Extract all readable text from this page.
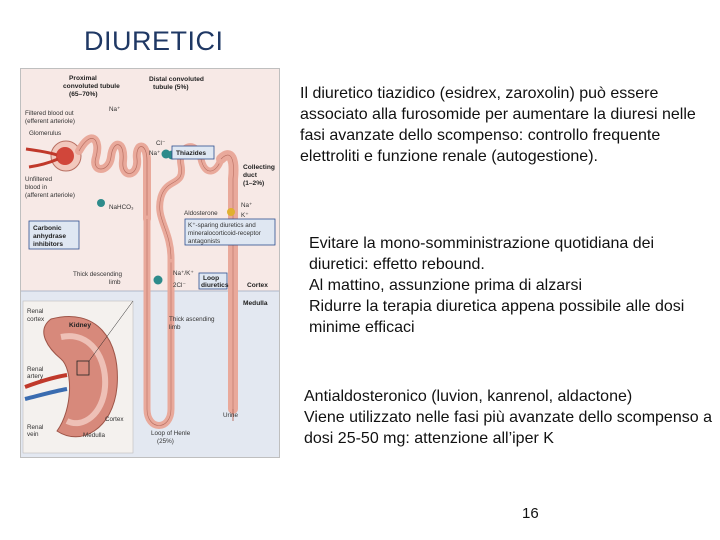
DIURETICI
Proximal
convoluted tubule
(65–70%)
Distal convoluted
tubule (5%)
Filtered blood out
(efferent arteriole)
Glomerulus
Unfiltered
blood in
(afferent arteriole)
Na⁺
Cl⁻
Na⁺ Thiazides
Collecting
duct
(1–2%)
NaHCO₃
Aldosterone
Na⁺
K⁺
Carbonic
anhydrase
inhibitors
K⁺-sparing diuretics and
mineralocorticoid-receptor
antagonists
Thick descending
limb
Na⁺/K⁺
2Cl⁻
Loop
diuretics	Cortex
Medulla
Renal
cortex
Kidney
Thick ascending
limb
Renal
artery
Renal
vein
Cortex
Medulla
Urine
Loop of Henle
(25%)

Il diuretico tiazidico (esidrex, zaroxolin) può essere associato alla furosomide per aumentare la diuresi nelle fasi avanzate dello scompenso: controllo frequente elettroliti e funzione renale (autogestione).

Evitare la mono-somministrazione quotidiana dei diuretici: effetto rebound.

Al mattino, assunzione prima di alzarsi

Ridurre la terapia diuretica appena possibile alle dosi minime efficaci

Antialdosteronico (luvion, kanrenol, aldactone)

Viene utilizzato nelle fasi più avanzate dello scompenso a dosi 25-50 mg: attenzione all’iper K

16
